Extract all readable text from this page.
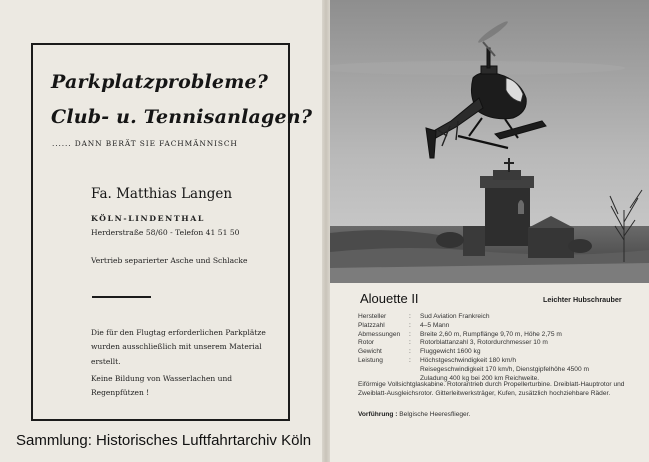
Parkplatzprobleme?
Club- u. Tennisanlagen?
...... DANN BERÄT SIE FACHMÄNNISCH
Fa. Matthias Langen
KÖLN-LINDENTHAL
Herderstraße 58/60 - Telefon 41 51 50
Vertrieb separierter Asche und Schlacke
Die für den Flugtag erforderlichen Parkplätze wurden ausschließlich mit unserem Material erstellt.
Keine Bildung von Wasserlachen und Regenpfützen !
Sammlung: Historisches Luftfahrtarchiv Köln
Alouette II	Leichter Hubschrauber
Hersteller	: Sud Aviation Frankreich
Platzzahl	: 4–5 Mann
Abmessungen : Breite 2,60 m, Rumpflänge 9,70 m, Höhe 2,75 m
Rotor	: Rotorblattanzahl 3, Rotordurchmesser 10 m
Gewicht	: Fluggewicht 1600 kg
Leistung	: Höchstgeschwindigkeit 180 km/h
Reisegeschwindigkeit 170 km/h, Dienstgipfelhöhe 4500 m
Zuladung 400 kg bei 200 km Reichweite.
Eiförmige Vollsichtglaskabine. Rotorantrieb durch Propellerturbine. Dreiblatt-Hauptrotor und Zweiblatt-Ausgleichsrotor. Gitterleitwerksträger, Kufen, zusätzlich hochziehbare Räder.
Vorführung : Belgische Heeresflieger.
